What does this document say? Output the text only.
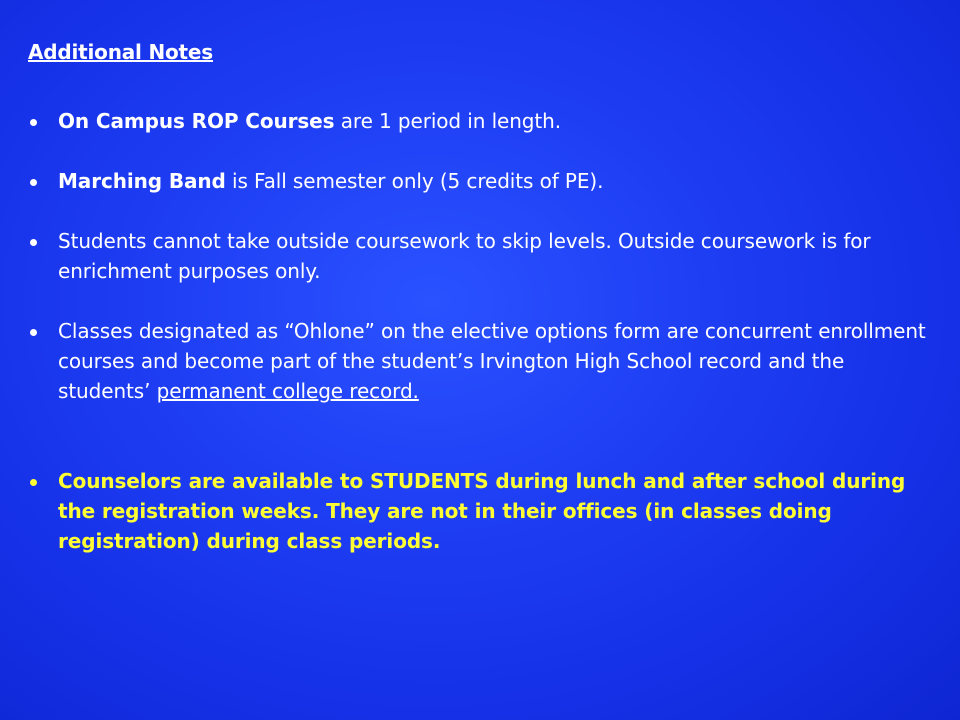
Additional Notes
On Campus ROP Courses are 1 period in length.
Marching Band is Fall semester only (5 credits of PE).
Students cannot take outside coursework to skip levels. Outside coursework is for enrichment purposes only.
Classes designated as “Ohlone” on the elective options form are concurrent enrollment courses and become part of the student’s Irvington High School record and the students’ permanent college record.
Counselors are available to STUDENTS during lunch and after school during the registration weeks. They are not in their offices (in classes doing registration) during class periods.
